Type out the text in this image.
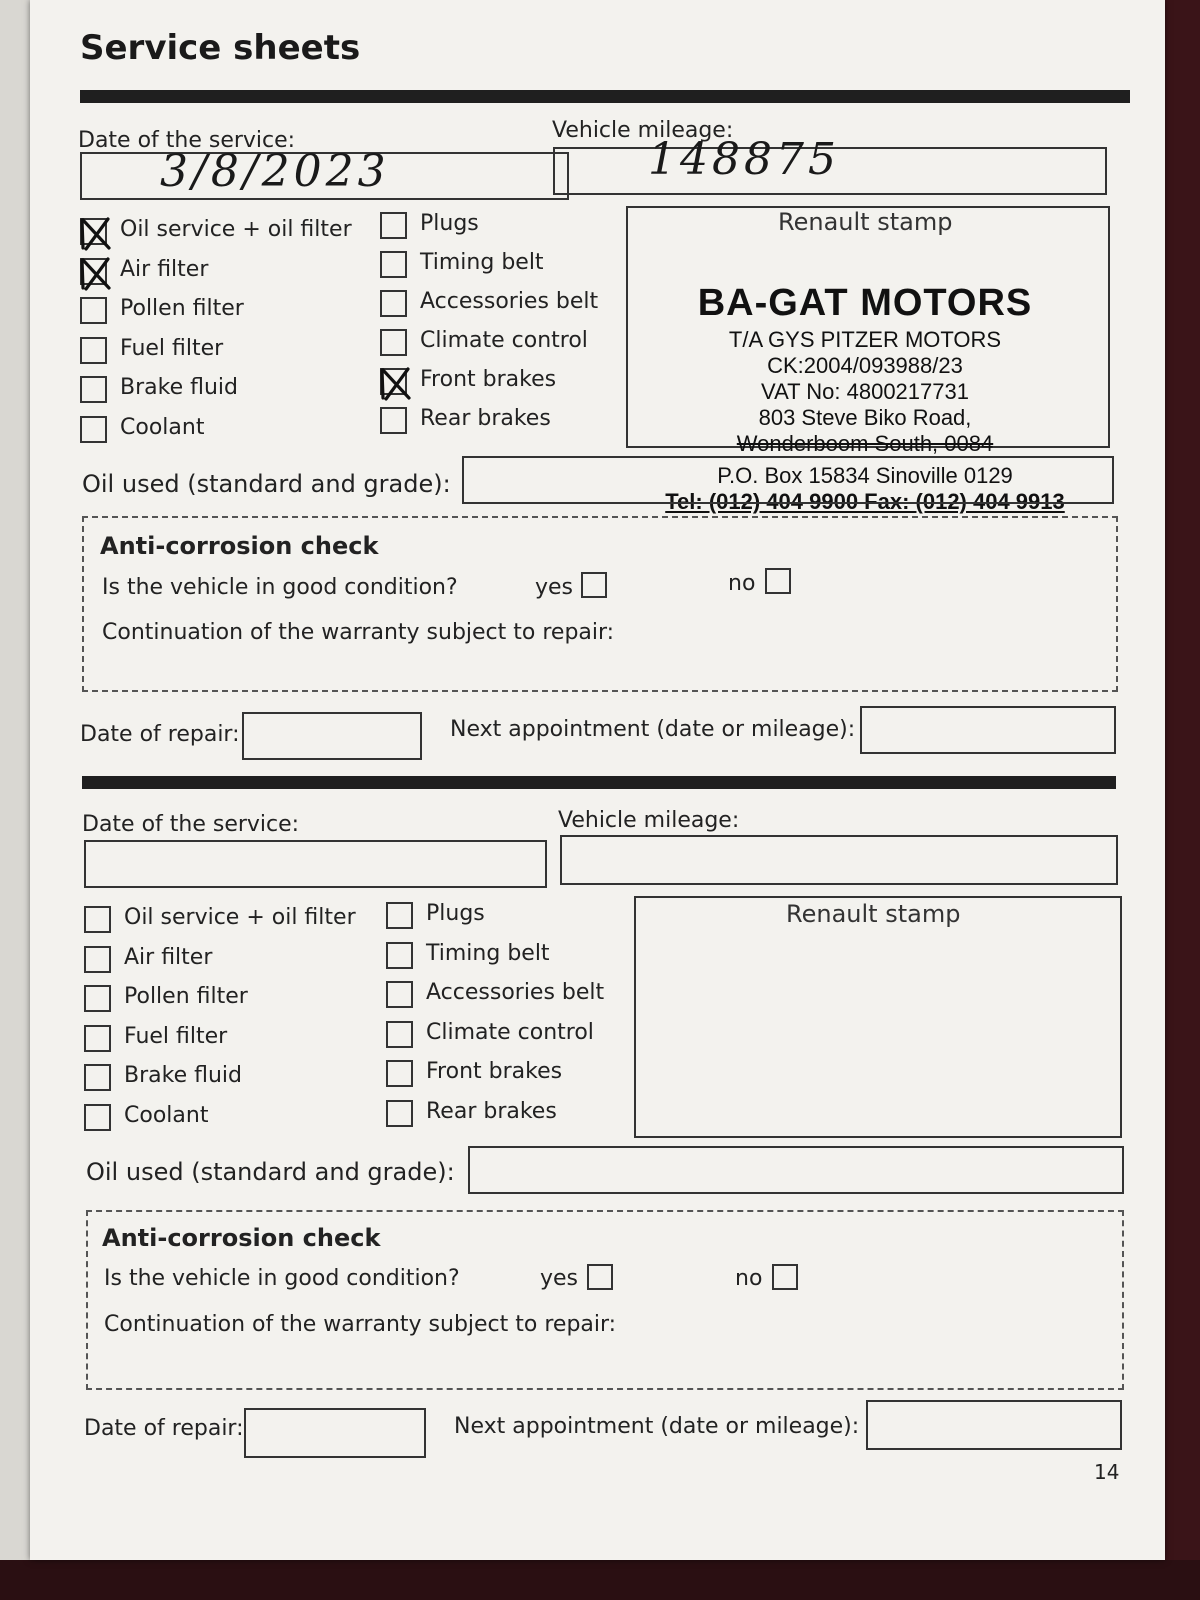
Service sheets
Date of the service:
3/8/2023
Vehicle mileage:
148875
Oil service + oil filter
Air filter
Pollen filter
Fuel filter
Brake fluid
Coolant
Plugs
Timing belt
Accessories belt
Climate control
Front brakes
Rear brakes
Renault stamp
BA-GAT MOTORS
T/A GYS PITZER MOTORS
CK:2004/093988/23
VAT No: 4800217731
803 Steve Biko Road,
Wonderboom South, 0084
P.O. Box 15834 Sinoville 0129
Tel: (012) 404 9900 Fax: (012) 404 9913
Oil used (standard and grade):
Anti-corrosion check
Is the vehicle in good condition?	yes	no
Continuation of the warranty subject to repair:
Date of repair:	Next appointment (date or mileage):
Date of the service:	Vehicle mileage:
Oil service + oil filter
Air filter
Pollen filter
Fuel filter
Brake fluid
Coolant
Plugs
Timing belt
Accessories belt
Climate control
Front brakes
Rear brakes
Renault stamp
Oil used (standard and grade):
Anti-corrosion check
Is the vehicle in good condition?	yes	no
Continuation of the warranty subject to repair:
Date of repair:	Next appointment (date or mileage):
14
